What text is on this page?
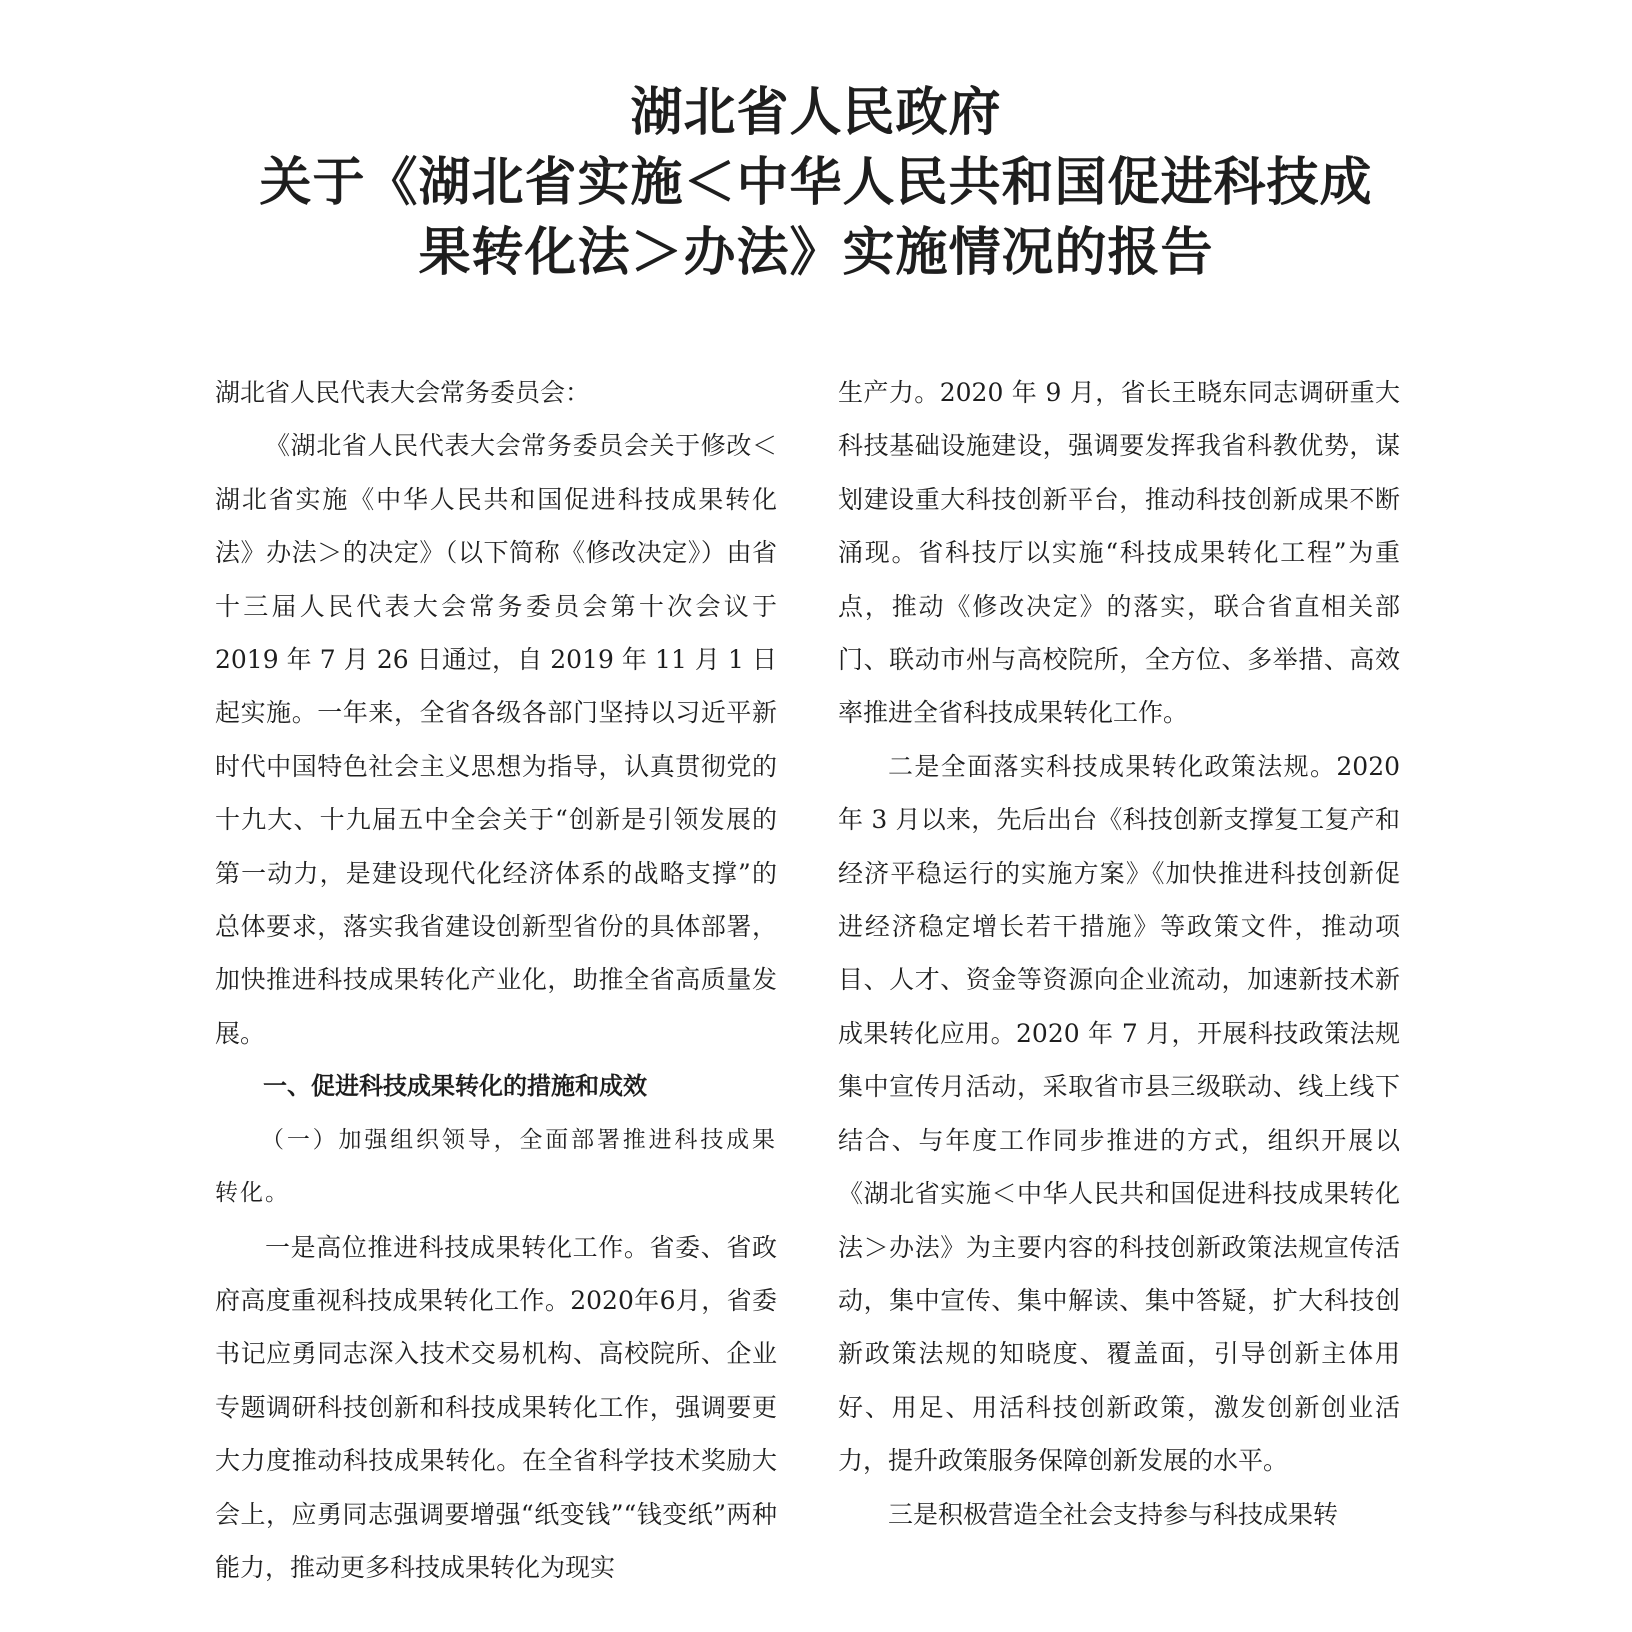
湖北省人民政府
关于《湖北省实施＜中华人民共和国促进科技成
果转化法＞办法》实施情况的报告

湖北省人民代表大会常务委员会：

《湖北省人民代表大会常务委员会关于修改＜湖北省实施《中华人民共和国促进科技成果转化法》办法＞的决定》（以下简称《修改决定》）由省十三届人民代表大会常务委员会第十次会议于 2019 年 7 月 26 日通过，自 2019 年 11 月 1 日起实施。一年来，全省各级各部门坚持以习近平新时代中国特色社会主义思想为指导，认真贯彻党的十九大、十九届五中全会关于“创新是引领发展的第一动力，是建设现代化经济体系的战略支撑”的总体要求，落实我省建设创新型省份的具体部署，加快推进科技成果转化产业化，助推全省高质量发展。

一、促进科技成果转化的措施和成效

（一）加强组织领导，全面部署推进科技成果转化。

一是高位推进科技成果转化工作。省委、省政府高度重视科技成果转化工作。2020年6月，省委书记应勇同志深入技术交易机构、高校院所、企业专题调研科技创新和科技成果转化工作，强调要更大力度推动科技成果转化。在全省科学技术奖励大会上，应勇同志强调要增强“纸变钱”“钱变纸”两种能力，推动更多科技成果转化为现实

生产力。2020 年 9 月，省长王晓东同志调研重大科技基础设施建设，强调要发挥我省科教优势，谋划建设重大科技创新平台，推动科技创新成果不断涌现。省科技厅以实施“科技成果转化工程”为重点，推动《修改决定》的落实，联合省直相关部门、联动市州与高校院所，全方位、多举措、高效率推进全省科技成果转化工作。

二是全面落实科技成果转化政策法规。2020 年 3 月以来，先后出台《科技创新支撑复工复产和经济平稳运行的实施方案》《加快推进科技创新促进经济稳定增长若干措施》等政策文件，推动项目、人才、资金等资源向企业流动，加速新技术新成果转化应用。2020 年 7 月，开展科技政策法规集中宣传月活动，采取省市县三级联动、线上线下结合、与年度工作同步推进的方式，组织开展以《湖北省实施＜中华人民共和国促进科技成果转化法＞办法》为主要内容的科技创新政策法规宣传活动，集中宣传、集中解读、集中答疑，扩大科技创新政策法规的知晓度、覆盖面，引导创新主体用好、用足、用活科技创新政策，激发创新创业活力，提升政策服务保障创新发展的水平。

三是积极营造全社会支持参与科技成果转
